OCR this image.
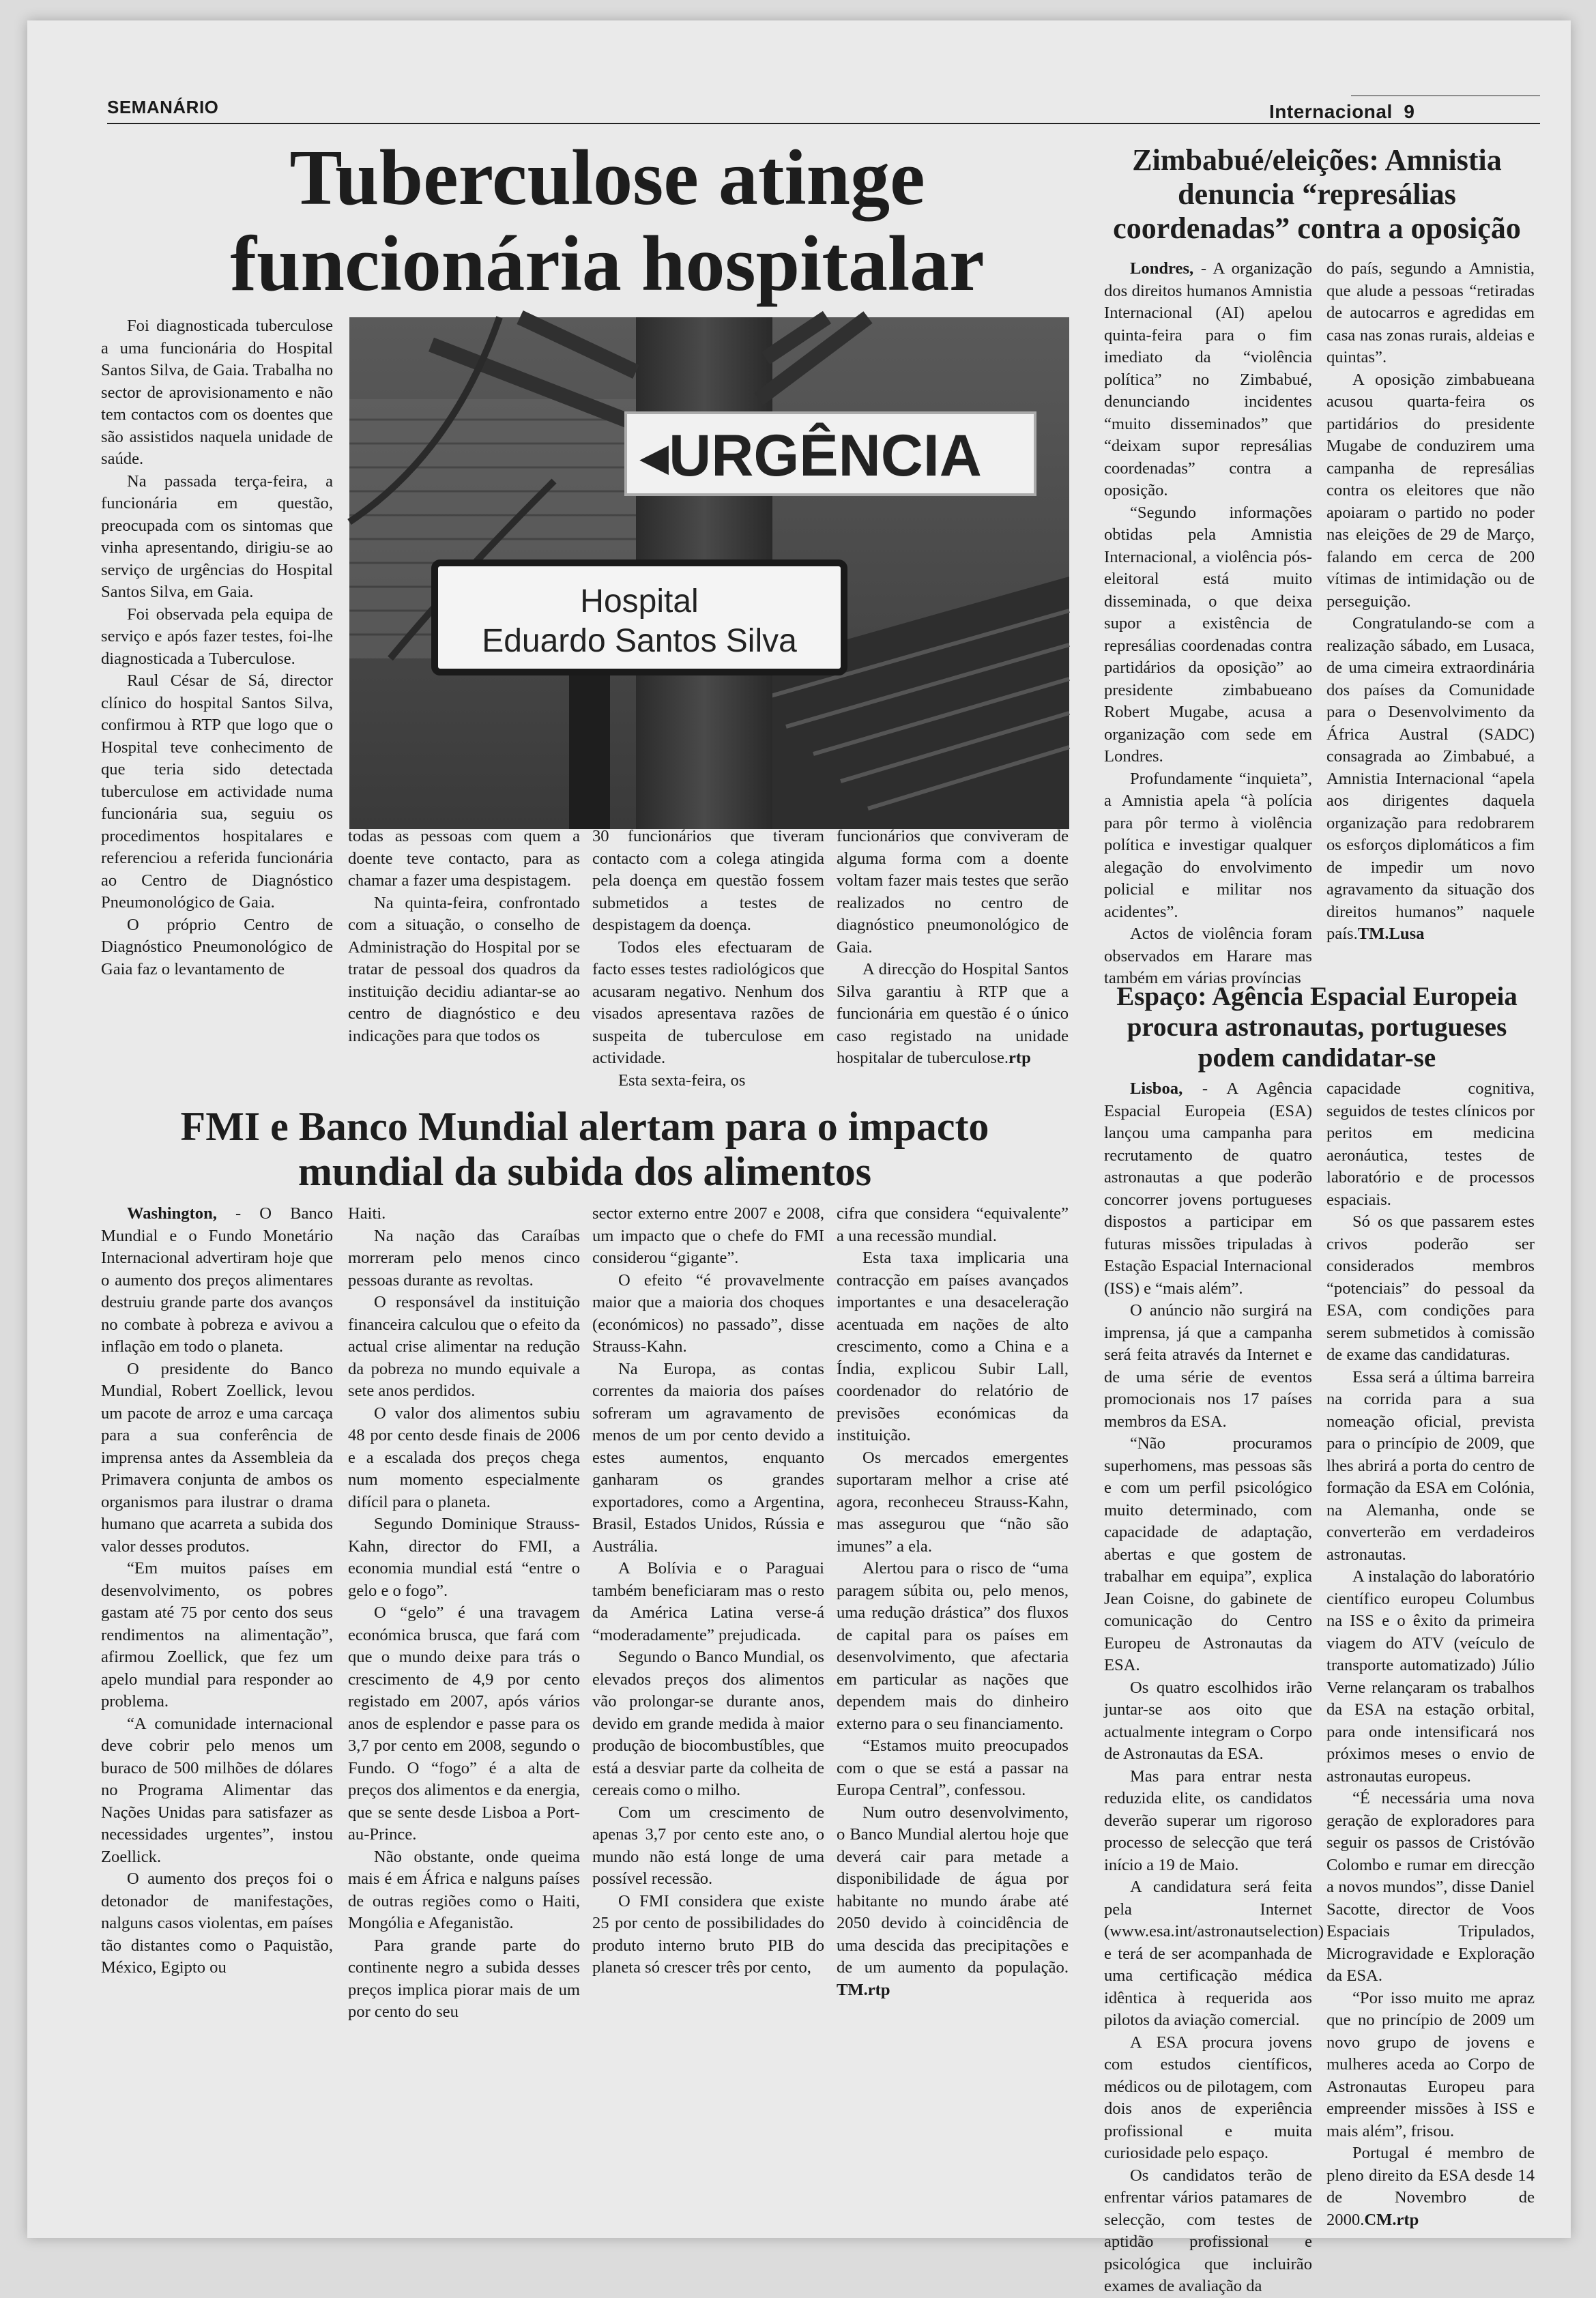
SEMANÁRIO	Internacional 9
Tuberculose atinge
funcionária hospitalar
◂URGÊNCIA
Hospital
Eduardo Santos Silva

Foi diagnosticada tuberculose a uma funcionária do Hospital Santos Silva, de Gaia. Trabalha no sector de aprovisionamento e não tem contactos com os doentes que são assistidos naquela unidade de saúde.

Na passada terça-feira, a funcionária em questão, preocupada com os sintomas que vinha apresentando, dirigiu-se ao serviço de urgências do Hospital Santos Silva, em Gaia.

Foi observada pela equipa de serviço e após fazer testes, foi-lhe diagnosticada a Tuberculose.

Raul César de Sá, director clínico do hospital Santos Silva, confirmou à RTP que logo que o Hospital teve conhecimento de que teria sido detectada tuberculose em actividade numa funcionária sua, seguiu os procedimentos hospitalares e referenciou a referida funcionária ao Centro de Diagnóstico Pneumonológico de Gaia.

O próprio Centro de Diagnóstico Pneumonológico de Gaia faz o levantamento de

todas as pessoas com quem a doente teve contacto, para as chamar a fazer uma despistagem.

Na quinta-feira, confrontado com a situação, o conselho de Administração do Hospital por se tratar de pessoal dos quadros da instituição decidiu adiantar-se ao centro de diagnóstico e deu indicações para que todos os

30 funcionários que tiveram contacto com a colega atingida pela doença em questão fossem submetidos a testes de despistagem da doença.

Todos eles efectuaram de facto esses testes radiológicos que acusaram negativo. Nenhum dos visados apresentava razões de suspeita de tuberculose em actividade.

Esta sexta-feira, os

funcionários que conviveram de alguma forma com a doente voltam fazer mais testes que serão realizados no centro de diagnóstico pneumonológico de Gaia.

A direcção do Hospital Santos Silva garantiu à RTP que a funcionária em questão é o único caso registado na unidade hospitalar de tuberculose.rtp

FMI e Banco Mundial alertam para o impacto
mundial da subida dos alimentos

Washington, - O Banco Mundial e o Fundo Monetário Internacional advertiram hoje que o aumento dos preços alimentares destruiu grande parte dos avanços no combate à pobreza e avivou a inflação em todo o planeta.

O presidente do Banco Mundial, Robert Zoellick, levou um pacote de arroz e uma carcaça para a sua conferência de imprensa antes da Assembleia da Primavera conjunta de ambos os organismos para ilustrar o drama humano que acarreta a subida dos valor desses produtos.

“Em muitos países em desenvolvimento, os pobres gastam até 75 por cento dos seus rendimentos na alimentação”, afirmou Zoellick, que fez um apelo mundial para responder ao problema.

“A comunidade internacional deve cobrir pelo menos um buraco de 500 milhões de dólares no Programa Alimentar das Nações Unidas para satisfazer as necessidades urgentes”, instou Zoellick.

O aumento dos preços foi o detonador de manifestações, nalguns casos violentas, em países tão distantes como o Paquistão, México, Egipto ou

Haiti.

Na nação das Caraíbas morreram pelo menos cinco pessoas durante as revoltas.

O responsável da instituição financeira calculou que o efeito da actual crise alimentar na redução da pobreza no mundo equivale a sete anos perdidos.

O valor dos alimentos subiu 48 por cento desde finais de 2006 e a escalada dos preços chega num momento especialmente difícil para o planeta.

Segundo Dominique Strauss-Kahn, director do FMI, a economia mundial está “entre o gelo e o fogo”.

O “gelo” é una travagem económica brusca, que fará com que o mundo deixe para trás o crescimento de 4,9 por cento registado em 2007, após vários anos de esplendor e passe para os 3,7 por cento em 2008, segundo o Fundo. O “fogo” é a alta de preços dos alimentos e da energia, que se sente desde Lisboa a Port-au-Prince.

Não obstante, onde queima mais é em África e nalguns países de outras regiões como o Haiti, Mongólia e Afeganistão.

Para grande parte do continente negro a subida desses preços implica piorar mais de um por cento do seu

sector externo entre 2007 e 2008, um impacto que o chefe do FMI considerou “gigante”.

O efeito “é provavelmente maior que a maioria dos choques (económicos) no passado”, disse Strauss-Kahn.

Na Europa, as contas correntes da maioria dos países sofreram um agravamento de menos de um por cento devido a estes aumentos, enquanto ganharam os grandes exportadores, como a Argentina, Brasil, Estados Unidos, Rússia e Austrália.

A Bolívia e o Paraguai também beneficiaram mas o resto da América Latina verse-á “moderadamente” prejudicada.

Segundo o Banco Mundial, os elevados preços dos alimentos vão prolongar-se durante anos, devido em grande medida à maior produção de biocombustíbles, que está a desviar parte da colheita de cereais como o milho.

Com um crescimento de apenas 3,7 por cento este ano, o mundo não está longe de uma possível recessão.

O FMI considera que existe 25 por cento de possibilidades do produto interno bruto PIB do planeta só crescer três por cento,

cifra que considera “equivalente” a una recessão mundial.

Esta taxa implicaria una contracção em países avançados importantes e una desaceleração acentuada em nações de alto crescimento, como a China e a Índia, explicou Subir Lall, coordenador do relatório de previsões económicas da instituição.

Os mercados emergentes suportaram melhor a crise até agora, reconheceu Strauss-Kahn, mas assegurou que “não são imunes” a ela.

Alertou para o risco de “uma paragem súbita ou, pelo menos, uma redução drástica” dos fluxos de capital para os países em desenvolvimento, que afectaria em particular as nações que dependem mais do dinheiro externo para o seu financiamento.

“Estamos muito preocupados com o que se está a passar na Europa Central”, confessou.

Num outro desenvolvimento, o Banco Mundial alertou hoje que deverá cair para metade a disponibilidade de água por habitante no mundo árabe até 2050 devido à coincidência de uma descida das precipitações e de um aumento da população. TM.rtp

Zimbabué/eleições: Amnistia
denuncia “represálias
coordenadas” contra a oposição

Londres, - A organização dos direitos humanos Amnistia Internacional (AI) apelou quinta-feira para o fim imediato da “violência política” no Zimbabué, denunciando incidentes “muito disseminados” que “deixam supor represálias coordenadas” contra a oposição.

“Segundo informações obtidas pela Amnistia Internacional, a violência pós-eleitoral está muito disseminada, o que deixa supor a existência de represálias coordenadas contra partidários da oposição” ao presidente zimbabueano Robert Mugabe, acusa a organização com sede em Londres.

Profundamente “inquieta”, a Amnistia apela “à polícia para pôr termo à violência política e investigar qualquer alegação do envolvimento policial e militar nos acidentes”.

Actos de violência foram observados em Harare mas também em várias províncias

do país, segundo a Amnistia, que alude a pessoas “retiradas de autocarros e agredidas em casa nas zonas rurais, aldeias e quintas”.

A oposição zimbabueana acusou quarta-feira os partidários do presidente Mugabe de conduzirem uma campanha de represálias contra os eleitores que não apoiaram o partido no poder nas eleições de 29 de Março, falando em cerca de 200 vítimas de intimidação ou de perseguição.

Congratulando-se com a realização sábado, em Lusaca, de uma cimeira extraordinária dos países da Comunidade para o Desenvolvimento da África Austral (SADC) consagrada ao Zimbabué, a Amnistia Internacional “apela aos dirigentes daquela organização para redobrarem os esforços diplomáticos a fim de impedir um novo agravamento da situação dos direitos humanos” naquele país.TM.Lusa

Espaço: Agência Espacial Europeia
procura astronautas, portugueses
podem candidatar-se

Lisboa, - A Agência Espacial Europeia (ESA) lançou uma campanha para recrutamento de quatro astronautas a que poderão concorrer jovens portugueses dispostos a participar em futuras missões tripuladas à Estação Espacial Internacional (ISS) e “mais além”.

O anúncio não surgirá na imprensa, já que a campanha será feita através da Internet e de uma série de eventos promocionais nos 17 países membros da ESA.

“Não procuramos superhomens, mas pessoas sãs e com um perfil psicológico muito determinado, com capacidade de adaptação, abertas e que gostem de trabalhar em equipa”, explica Jean Coisne, do gabinete de comunicação do Centro Europeu de Astronautas da ESA.

Os quatro escolhidos irão juntar-se aos oito que actualmente integram o Corpo de Astronautas da ESA.

Mas para entrar nesta reduzida elite, os candidatos deverão superar um rigoroso processo de selecção que terá início a 19 de Maio.

A candidatura será feita pela Internet (www.esa.int/astronautselection) e terá de ser acompanhada de uma certificação médica idêntica à requerida aos pilotos da aviação comercial.

A ESA procura jovens com estudos científicos, médicos ou de pilotagem, com dois anos de experiência profissional e muita curiosidade pelo espaço.

Os candidatos terão de enfrentar vários patamares de selecção, com testes de aptidão profissional e psicológica que incluirão exames de avaliação da

capacidade cognitiva, seguidos de testes clínicos por peritos em medicina aeronáutica, testes de laboratório e de processos espaciais.

Só os que passarem estes crivos poderão ser considerados membros “potenciais” do pessoal da ESA, com condições para serem submetidos à comissão de exame das candidaturas.

Essa será a última barreira na corrida para a sua nomeação oficial, prevista para o princípio de 2009, que lhes abrirá a porta do centro de formação da ESA em Colónia, na Alemanha, onde se converterão em verdadeiros astronautas.

A instalação do laboratório científico europeu Columbus na ISS e o êxito da primeira viagem do ATV (veículo de transporte automatizado) Júlio Verne relançaram os trabalhos da ESA na estação orbital, para onde intensificará nos próximos meses o envio de astronautas europeus.

“É necessária uma nova geração de exploradores para seguir os passos de Cristóvão Colombo e rumar em direcção a novos mundos”, disse Daniel Sacotte, director de Voos Espaciais Tripulados, Microgravidade e Exploração da ESA.

“Por isso muito me apraz que no princípio de 2009 um novo grupo de jovens e mulheres aceda ao Corpo de Astronautas Europeu para empreender missões à ISS e mais além”, frisou.

Portugal é membro de pleno direito da ESA desde 14 de Novembro de 2000.CM.rtp
